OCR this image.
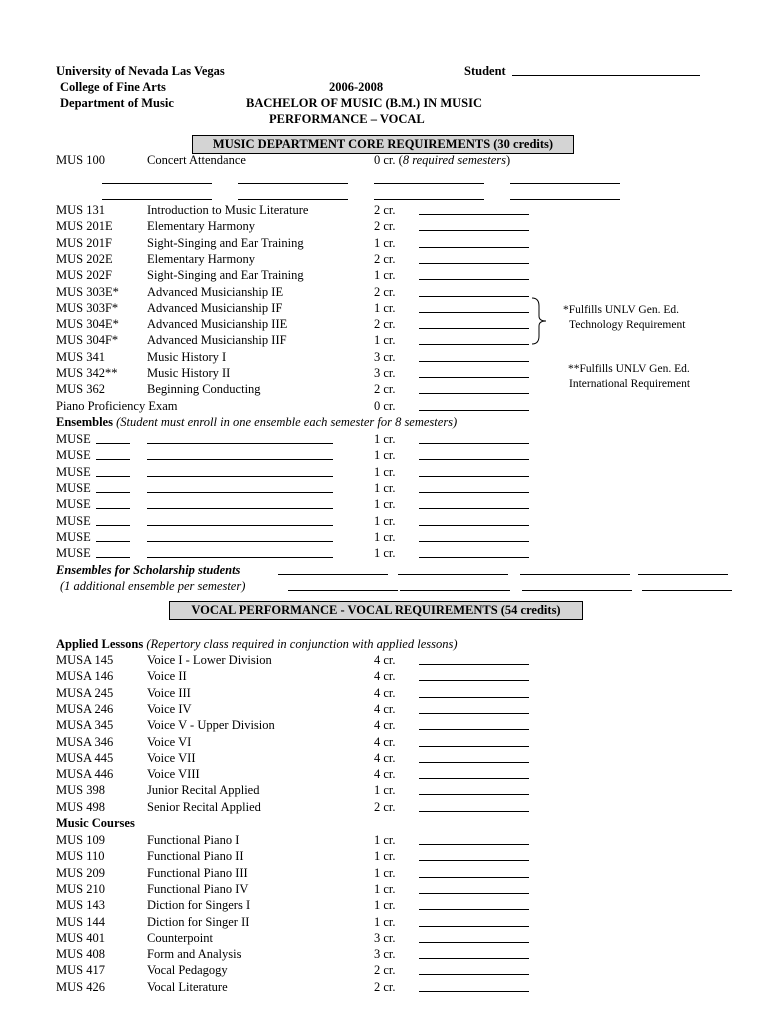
University of Nevada Las Vegas
College of Fine Arts
Department of Music
Student
2006-2008
BACHELOR OF MUSIC (B.M.) IN MUSIC
PERFORMANCE – VOCAL
MUSIC DEPARTMENT CORE REQUIREMENTS (30 credits)
MUS 100	Concert Attendance	0 cr. (8 required semesters)
MUS 131	Introduction to Music Literature	2 cr.
MUS 201E	Elementary Harmony	2 cr.
MUS 201F	Sight-Singing and Ear Training	1 cr.
MUS 202E	Elementary Harmony	2 cr.
MUS 202F	Sight-Singing and Ear Training	1 cr.
MUS 303E* Advanced Musicianship IE	2 cr.
MUS 303F* Advanced Musicianship IF	1 cr.
MUS 304E* Advanced Musicianship IIE	2 cr.
MUS 304F* Advanced Musicianship IIF	1 cr.
MUS 341	Music History I	3 cr.
MUS 342** Music History II	3 cr.
MUS 362	Beginning Conducting	2 cr.
*Fulfills UNLV Gen. Ed.
Technology Requirement
**Fulfills UNLV Gen. Ed.
International Requirement
Piano Proficiency Exam	0 cr.
Ensembles (Student must enroll in one ensemble each semester for 8 semesters)
MUSE	1 cr.
MUSE	1 cr.
MUSE	1 cr.
MUSE	1 cr.
MUSE	1 cr.
MUSE	1 cr.
MUSE	1 cr.
MUSE	1 cr.
Ensembles for Scholarship students
(1 additional ensemble per semester)
VOCAL PERFORMANCE - VOCAL REQUIREMENTS (54 credits)
Applied Lessons (Repertory class required in conjunction with applied lessons)
MUSA 145	Voice I - Lower Division	4 cr.
MUSA 146	Voice II	4 cr.
MUSA 245	Voice III	4 cr.
MUSA 246	Voice IV	4 cr.
MUSA 345	Voice V - Upper Division	4 cr.
MUSA 346	Voice VI	4 cr.
MUSA 445	Voice VII	4 cr.
MUSA 446	Voice VIII	4 cr.
MUS 398	Junior Recital Applied	1 cr.
MUS 498	Senior Recital Applied	2 cr.
Music Courses
MUS 109	Functional Piano I	1 cr.
MUS 110	Functional Piano II	1 cr.
MUS 209	Functional Piano III	1 cr.
MUS 210	Functional Piano IV	1 cr.
MUS 143	Diction for Singers I	1 cr.
MUS 144	Diction for Singer II	1 cr.
MUS 401	Counterpoint	3 cr.
MUS 408	Form and Analysis	3 cr.
MUS 417	Vocal Pedagogy	2 cr.
MUS 426	Vocal Literature	2 cr.
